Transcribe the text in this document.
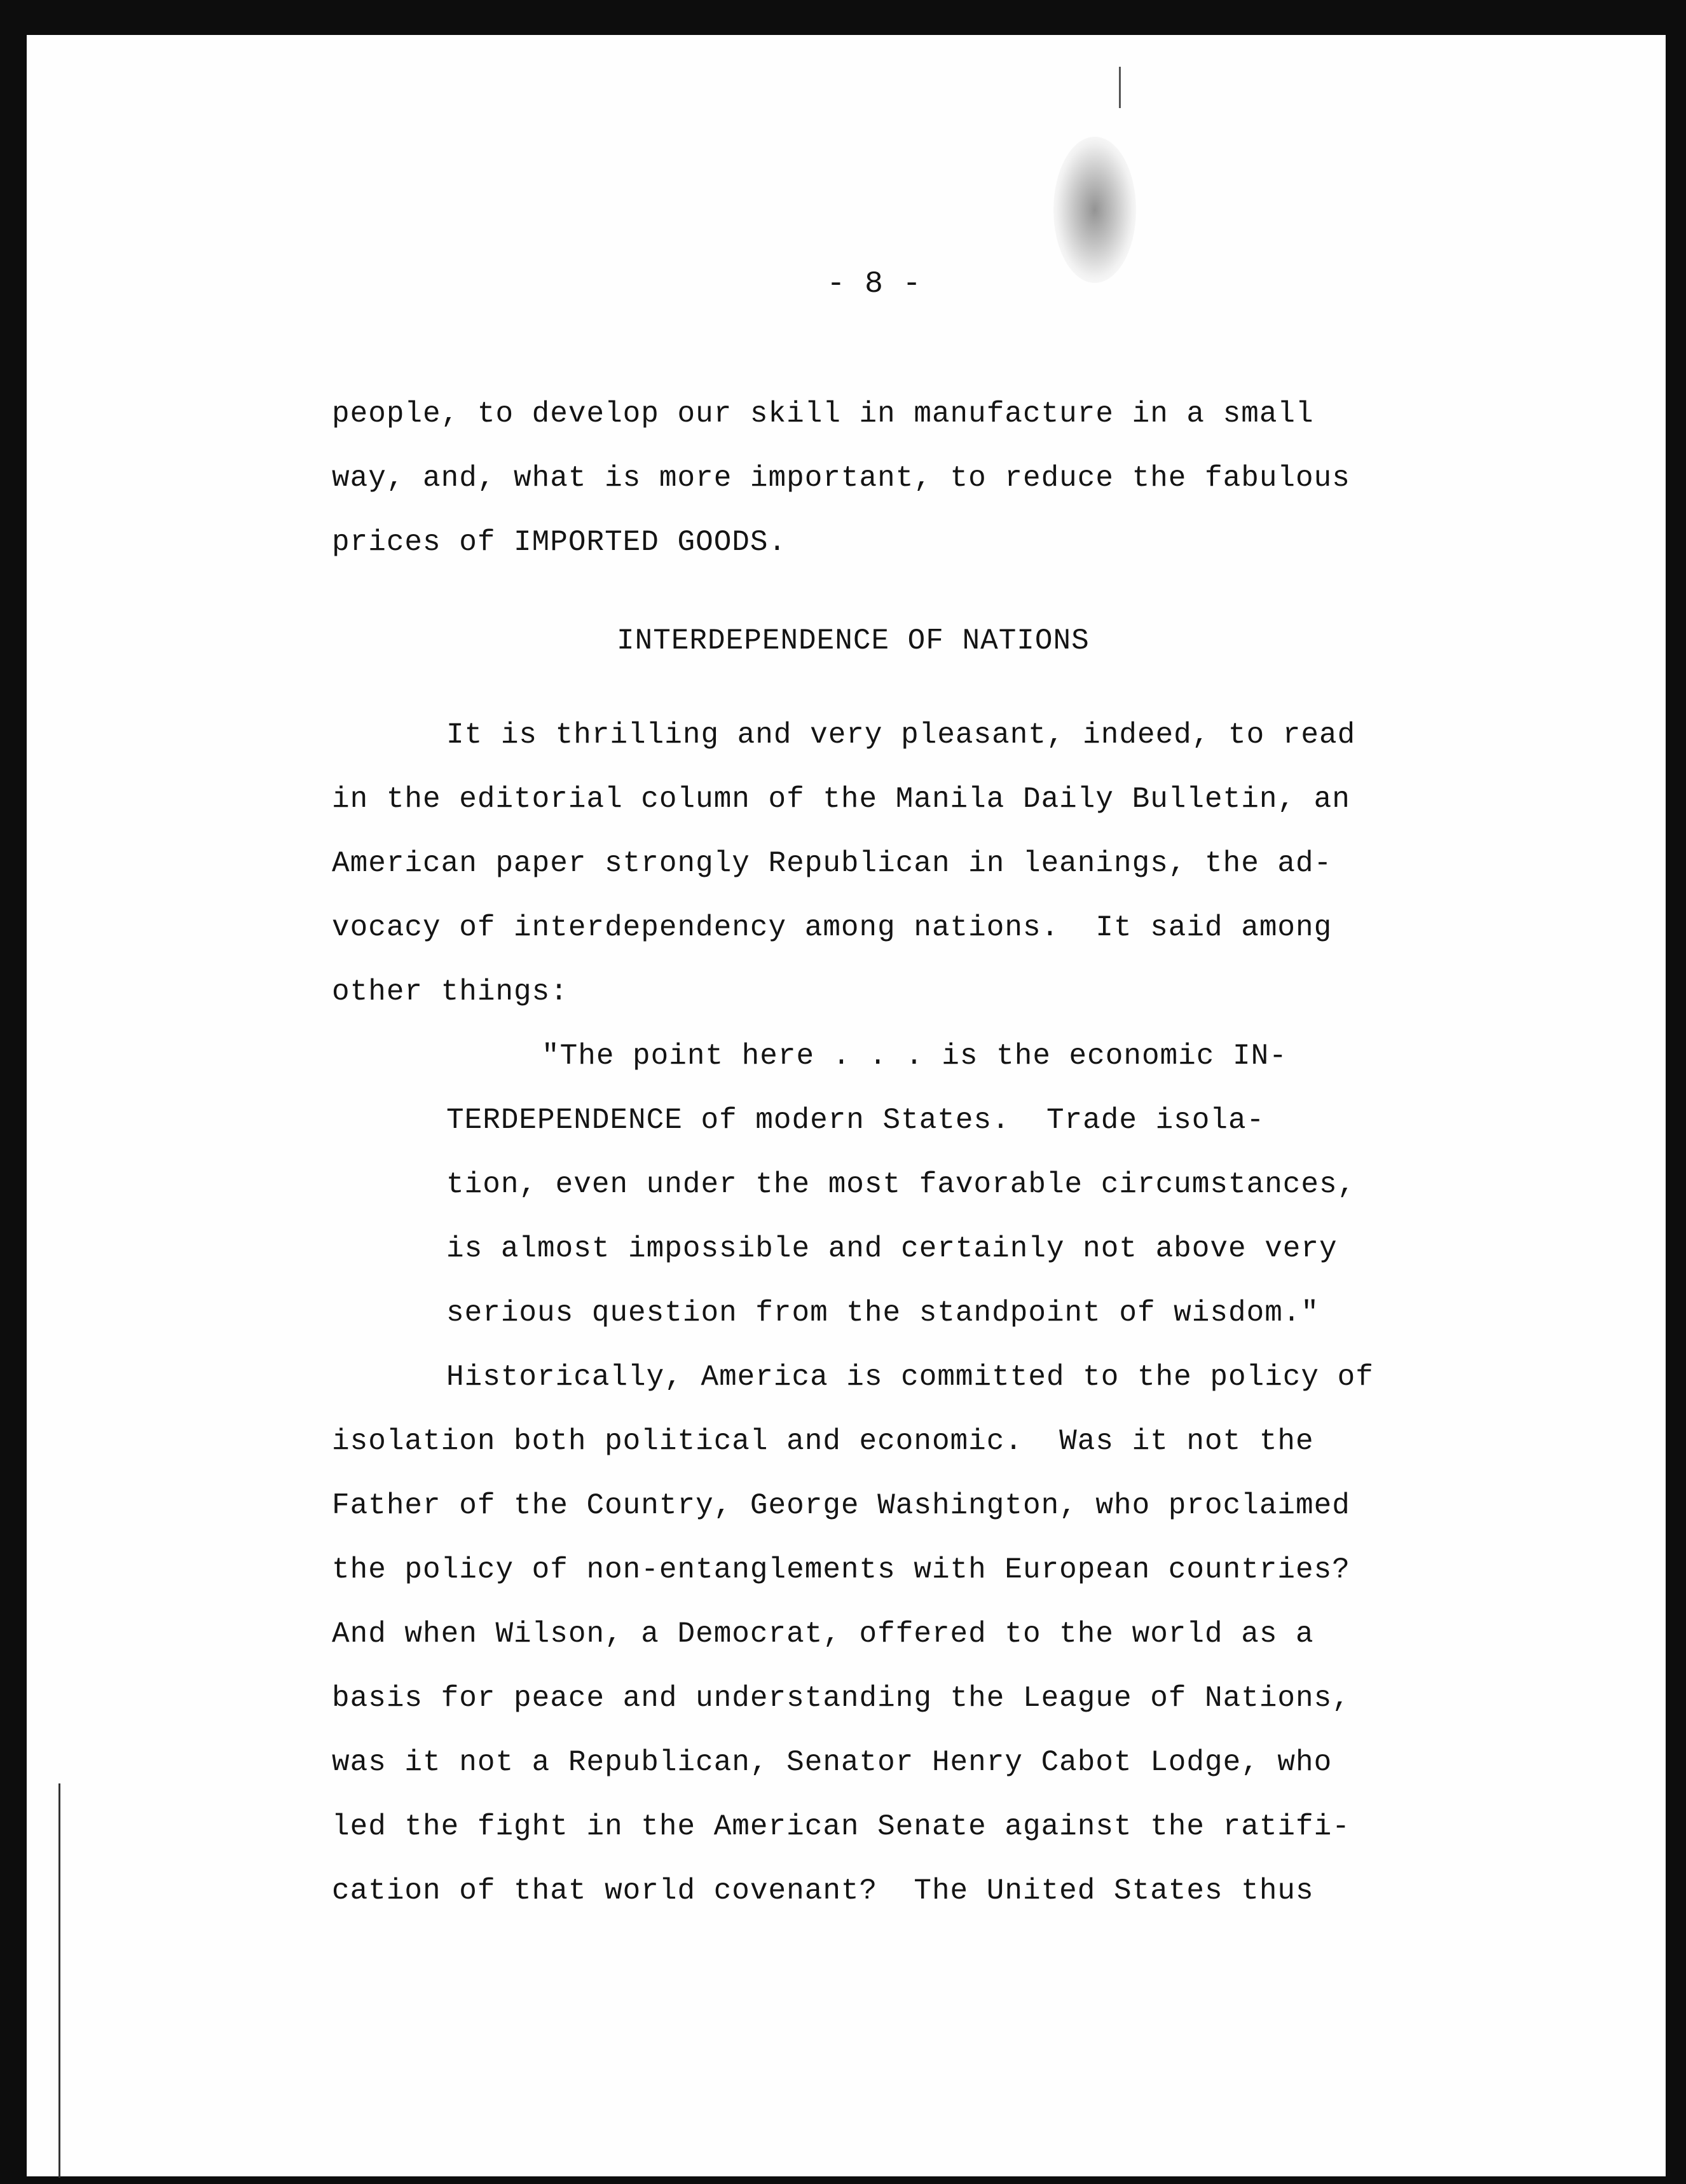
- 8 -
people, to develop our skill in manufacture in a small
way, and, what is more important, to reduce the fabulous
prices of IMPORTED GOODS.
INTERDEPENDENCE OF NATIONS
It is thrilling and very pleasant, indeed, to read
in the editorial column of the Manila Daily Bulletin, an
American paper strongly Republican in leanings, the ad-
vocacy of interdependency among nations.  It said among
other things:
"The point here . . . is the economic IN-
TERDEPENDENCE of modern States.  Trade isola-
tion, even under the most favorable circumstances,
is almost impossible and certainly not above very
serious question from the standpoint of wisdom."
Historically, America is committed to the policy of
isolation both political and economic.  Was it not the
Father of the Country, George Washington, who proclaimed
the policy of non-entanglements with European countries?
And when Wilson, a Democrat, offered to the world as a
basis for peace and understanding the League of Nations,
was it not a Republican, Senator Henry Cabot Lodge, who
led the fight in the American Senate against the ratifi-
cation of that world covenant?  The United States thus
